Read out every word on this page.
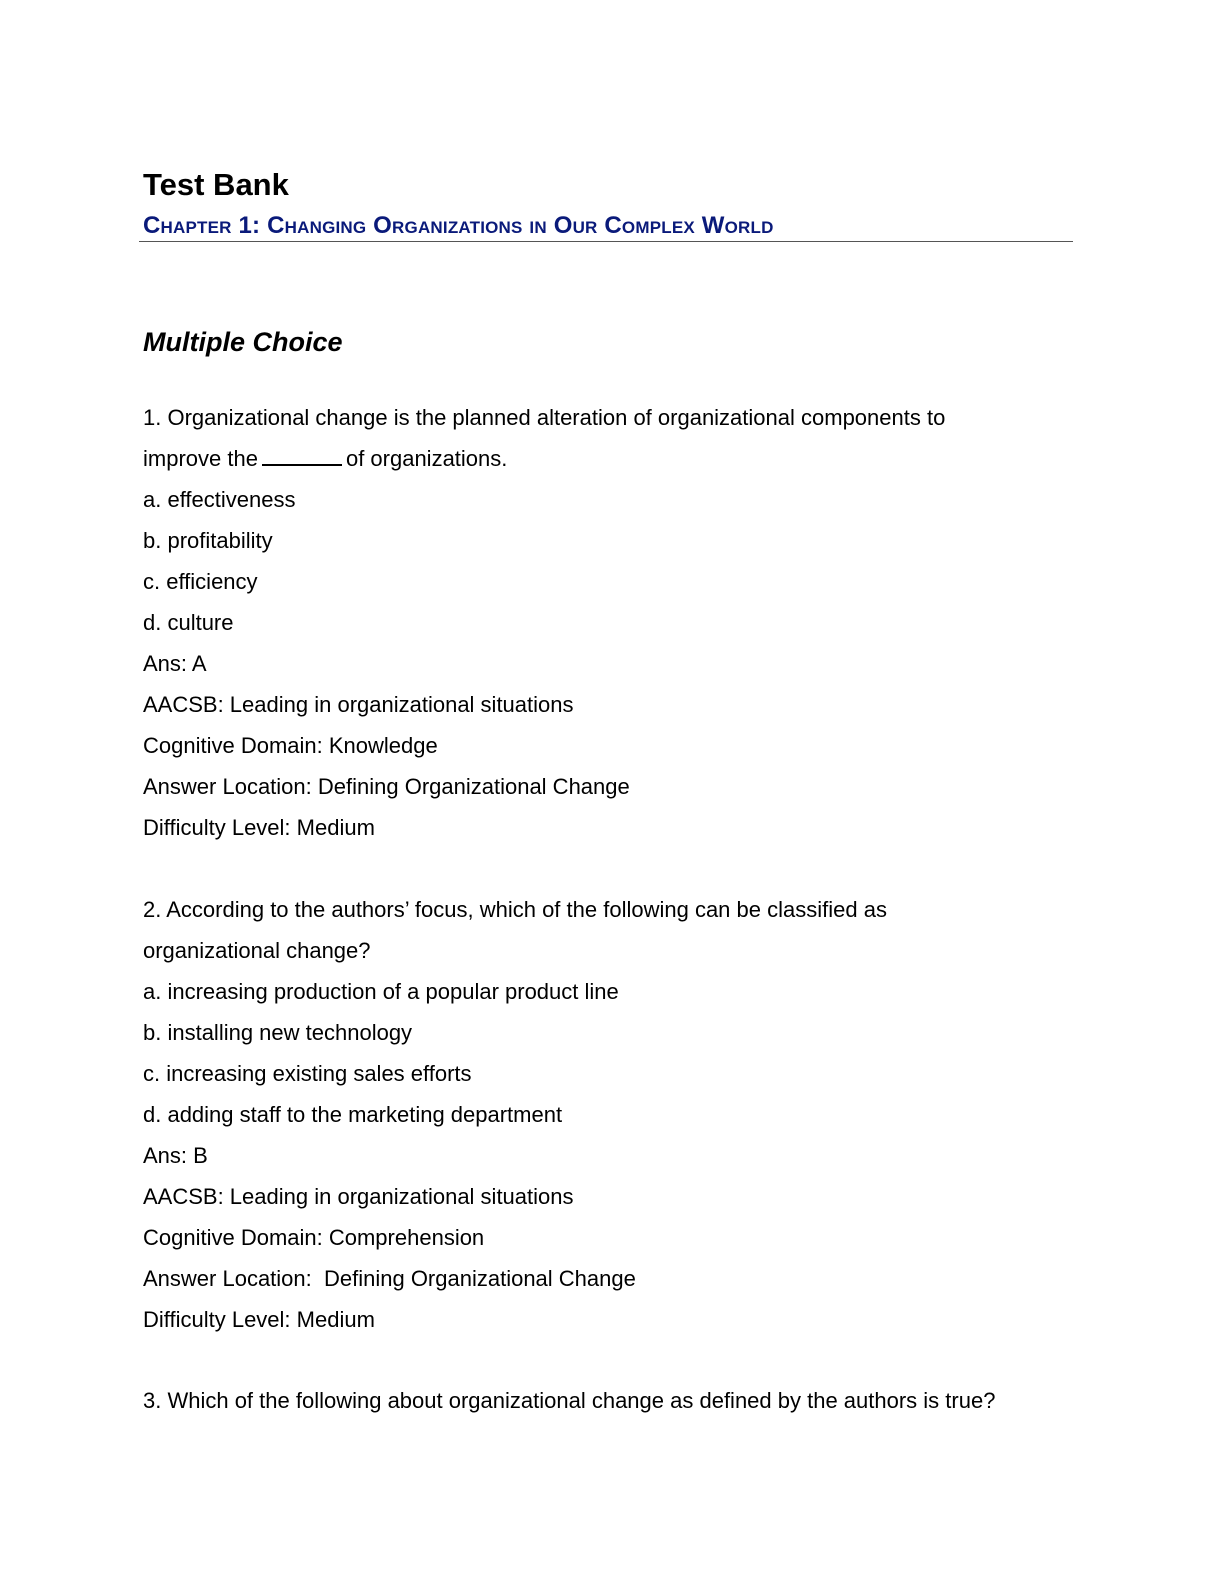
Test Bank
Chapter 1: Changing Organizations in Our Complex World
Multiple Choice
1. Organizational change is the planned alteration of organizational components to
improve the	of organizations.
a. effectiveness
b. profitability
c. efficiency
d. culture
Ans: A
AACSB: Leading in organizational situations
Cognitive Domain: Knowledge
Answer Location: Defining Organizational Change
Difficulty Level: Medium
2. According to the authors’ focus, which of the following can be classified as
organizational change?
a. increasing production of a popular product line
b. installing new technology
c. increasing existing sales efforts
d. adding staff to the marketing department
Ans: B
AACSB: Leading in organizational situations
Cognitive Domain: Comprehension
Answer Location:  Defining Organizational Change
Difficulty Level: Medium
3. Which of the following about organizational change as defined by the authors is true?
